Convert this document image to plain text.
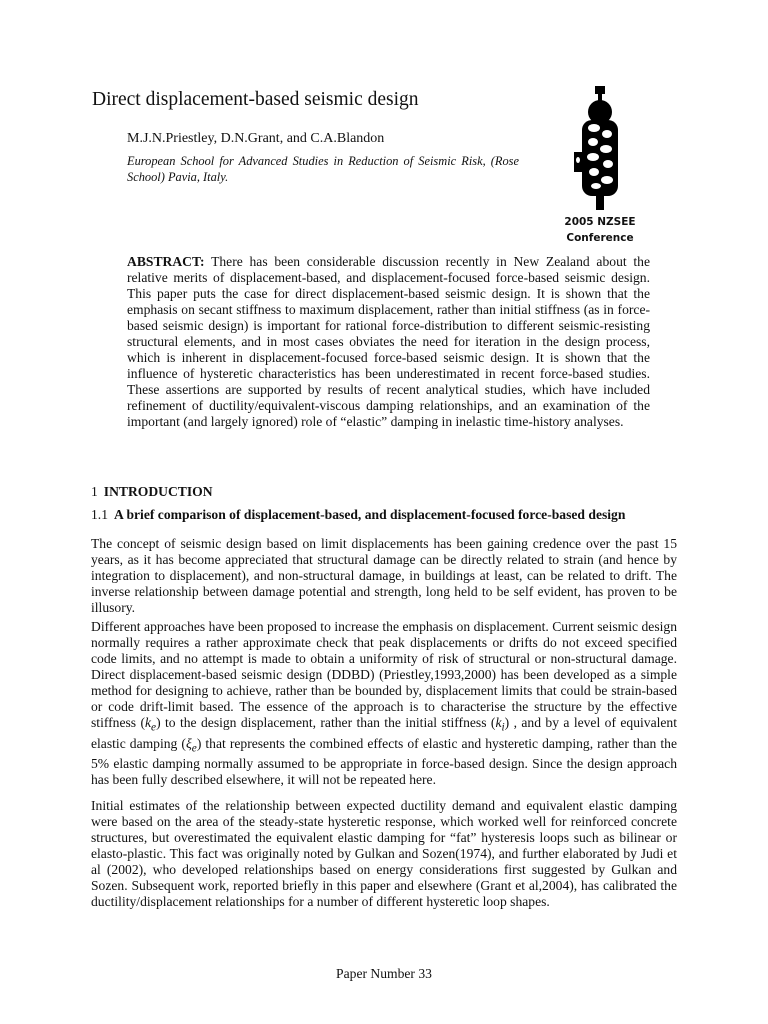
Direct displacement-based seismic design
M.J.N.Priestley, D.N.Grant, and C.A.Blandon
European School for Advanced Studies in Reduction of Seismic Risk, (Rose School) Pavia, Italy.
2005 NZSEE
Conference

ABSTRACT: There has been considerable discussion recently in New Zealand about the relative merits of displacement-based, and displacement-focused force-based seismic design. This paper puts the case for direct displacement-based seismic design. It is shown that the emphasis on secant stiffness to maximum displacement, rather than initial stiffness (as in force-based seismic design) is important for rational force-distribution to different seismic-resisting structural elements, and in most cases obviates the need for iteration in the design process, which is inherent in displacement-focused force-based seismic design. It is shown that the influence of hysteretic characteristics has been underestimated in recent force-based studies. These assertions are supported by results of recent analytical studies, which have included refinement of ductility/equivalent-viscous damping relationships, and an examination of the important (and largely ignored) role of “elastic” damping in inelastic time-history analyses.

1 INTRODUCTION
1.1 A brief comparison of displacement-based, and displacement-focused force-based design

The concept of seismic design based on limit displacements has been gaining credence over the past 15 years, as it has become appreciated that structural damage can be directly related to strain (and hence by integration to displacement), and non-structural damage, in buildings at least, can be related to drift. The inverse relationship between damage potential and strength, long held to be self evident, has proven to be illusory.

Different approaches have been proposed to increase the emphasis on displacement. Current seismic design normally requires a rather approximate check that peak displacements or drifts do not exceed specified code limits, and no attempt is made to obtain a uniformity of risk of structural or non-structural damage. Direct displacement-based seismic design (DDBD) (Priestley,1993,2000) has been developed as a simple method for designing to achieve, rather than be bounded by, displacement limits that could be strain-based or code drift-limit based. The essence of the approach is to characterise the structure by the effective stiffness $(k_e)$ to the design displacement, rather than the initial stiffness $(k_i)$ , and by a level of equivalent elastic damping $(\xi_e)$ that represents the combined effects of elastic and hysteretic damping, rather than the 5% elastic damping normally assumed to be appropriate in force-based design. Since the design approach has been fully described elsewhere, it will not be repeated here.

Initial estimates of the relationship between expected ductility demand and equivalent elastic damping were based on the area of the steady-state hysteretic response, which worked well for reinforced concrete structures, but overestimated the equivalent elastic damping for “fat” hysteresis loops such as bilinear or elasto-plastic. This fact was originally noted by Gulkan and Sozen(1974), and further elaborated by Judi et al (2002), who developed relationships based on energy considerations first suggested by Gulkan and Sozen. Subsequent work, reported briefly in this paper and elsewhere (Grant et al,2004), has calibrated the ductility/displacement relationships for a number of different hysteretic loop shapes.

Paper Number 33
